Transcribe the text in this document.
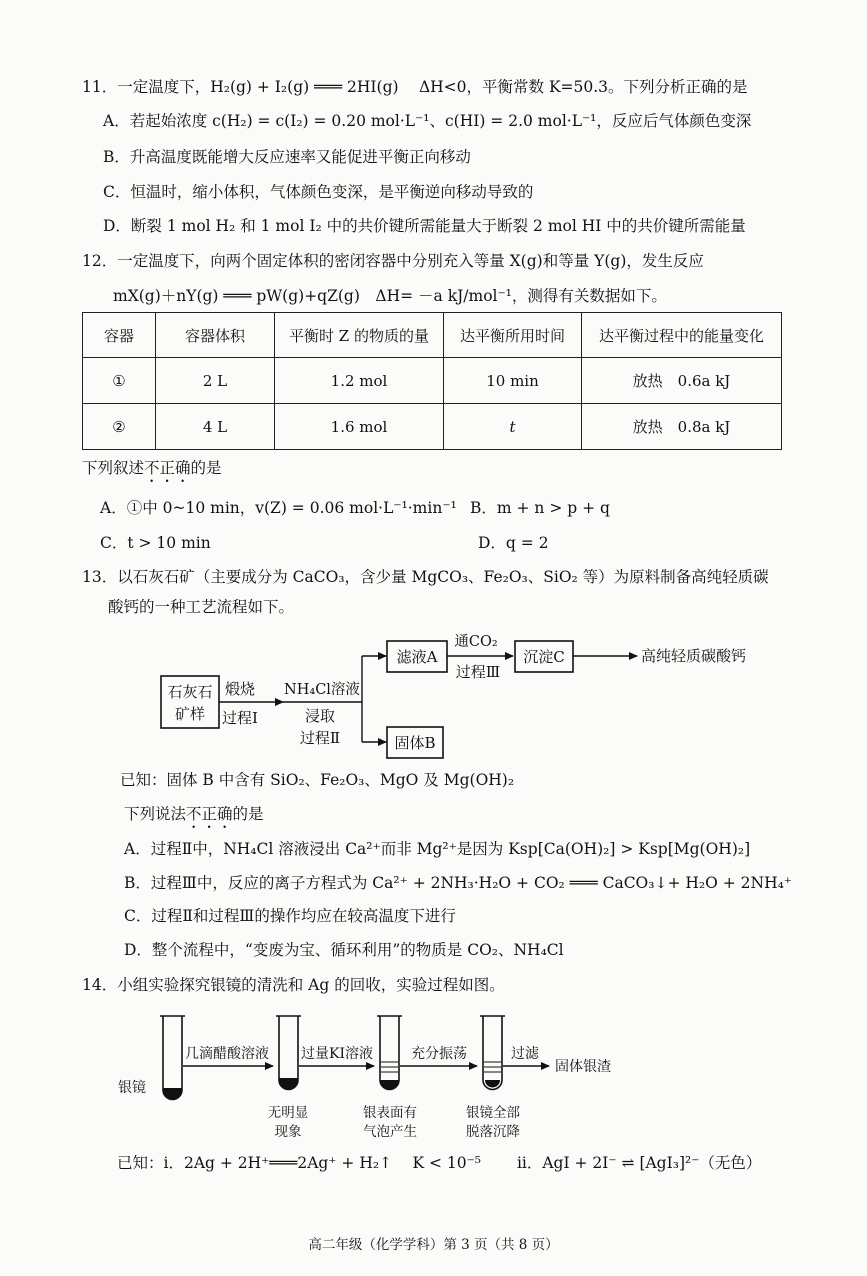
11．一定温度下，H₂(g) + I₂(g) ═══ 2HI(g)　 ΔH<0，平衡常数 K=50.3。下列分析正确的是
A．若起始浓度 c(H₂) = c(I₂) = 0.20 mol·L⁻¹、c(HI) = 2.0 mol·L⁻¹，反应后气体颜色变深
B．升高温度既能增大反应速率又能促进平衡正向移动
C．恒温时，缩小体积，气体颜色变深，是平衡逆向移动导致的
D．断裂 1 mol H₂ 和 1 mol I₂ 中的共价键所需能量大于断裂 2 mol HI 中的共价键所需能量
12．一定温度下，向两个固定体积的密闭容器中分别充入等量 X(g)和等量 Y(g)，发生反应
mX(g)＋nY(g) ═══ pW(g)+qZ(g)　ΔH= －a kJ/mol⁻¹，测得有关数据如下。
容器	容器体积	平衡时 Z 的物质的量	达平衡所用时间	达平衡过程中的能量变化
①	2 L	1.2 mol	10 min	放热　0.6a kJ
②	4 L	1.6 mol	t	放热　0.8a kJ
下列叙述不正确的是
A．①中 0~10 min，v(Z) = 0.06 mol·L⁻¹·min⁻¹ B．m + n > p + q
C．t > 10 min	D．q = 2
13．以石灰石矿（主要成分为 CaCO₃，含少量 MgCO₃、Fe₂O₃、SiO₂ 等）为原料制备高纯轻质碳
酸钙的一种工艺流程如下。
石灰石
矿样
煅烧
过程Ⅰ
NH₄Cl溶液
浸取
过程Ⅱ
滤液A
固体B
通CO₂
过程Ⅲ
沉淀C	高纯轻质碳酸钙
银镜
几滴醋酸溶液 过量KI溶液	充分振荡	过滤
固体银渣
无明显
现象
银表面有
气泡产生
银镜全部
脱落沉降
已知：固体 B 中含有 SiO₂、Fe₂O₃、MgO 及 Mg(OH)₂
下列说法不正确的是
A．过程Ⅱ中，NH₄Cl 溶液浸出 Ca²⁺而非 Mg²⁺是因为 Ksp[Ca(OH)₂] > Ksp[Mg(OH)₂]
B．过程Ⅲ中，反应的离子方程式为 Ca²⁺ + 2NH₃·H₂O + CO₂ ═══ CaCO₃↓+ H₂O + 2NH₄⁺
C．过程Ⅱ和过程Ⅲ的操作均应在较高温度下进行
D．整个流程中，“变废为宝、循环利用”的物质是 CO₂、NH₄Cl
14．小组实验探究银镜的清洗和 Ag 的回收，实验过程如图。
已知：i．2Ag + 2H⁺═══2Ag⁺ + H₂↑　 K < 10⁻⁵　　 ii．AgI + 2I⁻ ⇌ [AgI₃]²⁻（无色）
高二年级（化学学科）第 3 页（共 8 页）
